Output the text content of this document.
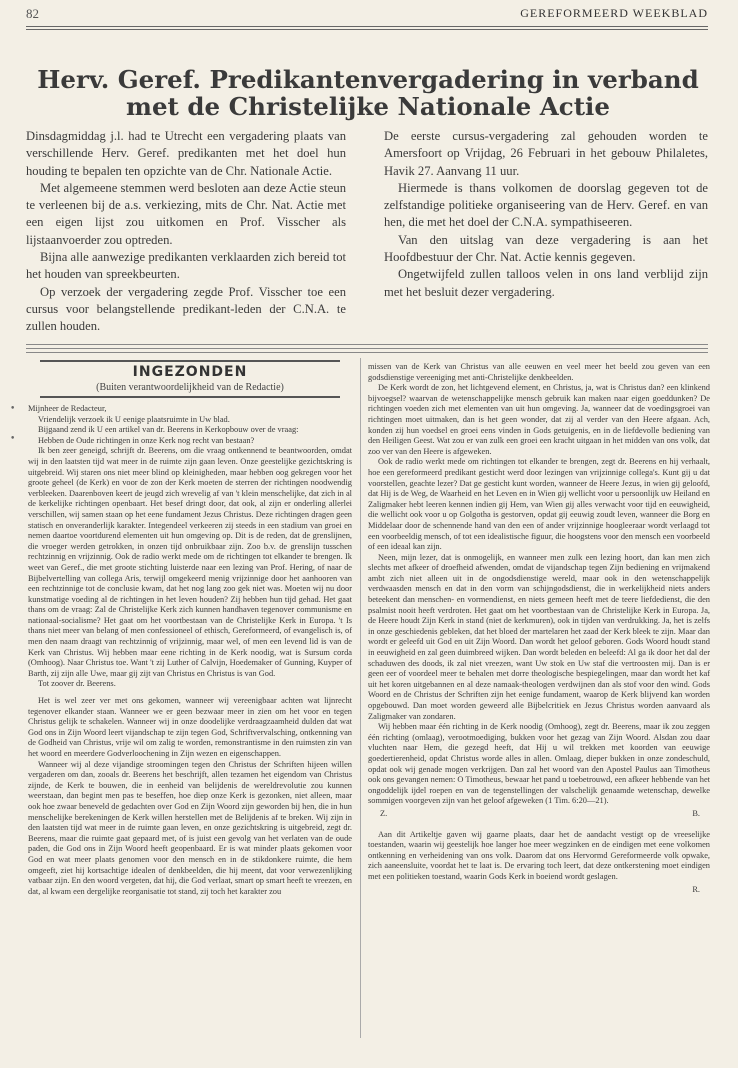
82	GEREFORMEERD WEEKBLAD
Herv. Geref. Predikantenvergadering in verband met de Christelijke Nationale Actie

Dinsdagmiddag j.l. had te Utrecht een vergadering plaats van verschillende Herv. Geref. predikanten met het doel hun houding te bepalen ten opzichte van de Chr. Nationale Actie.

Met algemeene stemmen werd besloten aan deze Actie steun te verleenen bij de a.s. verkiezing, mits de Chr. Nat. Actie met een eigen lijst zou uitkomen en Prof. Visscher als lijstaanvoerder zou optreden.

Bijna alle aanwezige predikanten verklaarden zich bereid tot het houden van spreekbeurten.

Op verzoek der vergadering zegde Prof. Visscher toe een cursus voor belangstellende predikant-leden der C.N.A. te zullen houden.

De eerste cursus-vergadering zal gehouden worden te Amersfoort op Vrijdag, 26 Februari in het gebouw Philaletes, Havik 27. Aanvang 11 uur.

Hiermede is thans volkomen de doorslag gegeven tot de zelfstandige politieke organiseering van de Herv. Geref. en van hen, die met het doel der C.N.A. sympathiseeren.

Van den uitslag van deze vergadering is aan het Hoofdbestuur der Chr. Nat. Actie kennis gegeven.

Ongetwijfeld zullen talloos velen in ons land verblijd zijn met het besluit dezer vergadering.

INGEZONDEN
(Buiten verantwoordelijkheid van de Redactie)
•
•

Mijnheer de Redacteur,

Vriendelijk verzoek ik U eenige plaatsruimte in Uw blad.

Bijgaand zend ik U een artikel van dr. Beerens in Kerkopbouw over de vraag:

Hebben de Oude richtingen in onze Kerk nog recht van bestaan?

Ik ben zeer geneigd, schrijft dr. Beerens, om die vraag ontkennend te beantwoorden, omdat wij in den laatsten tijd wat meer in de ruimte zijn gaan leven. Onze geestelijke gezichtskring is uitgebreid. Wij staren ons niet meer blind op kleinigheden, maar hebben oog gekregen voor het groote geheel (de Kerk) en voor de zon der Kerk moeten de sterren der richtingen noodwendig verbleeken. Daarenboven keert de jeugd zich wrevelig af van 't klein menschelijke, dat zich in al de kerkelijke richtingen openbaart. Het besef dringt door, dat ook, al zijn er onderling allerlei verschillen, wij samen staan op het eene fundament Jezus Christus. Deze richtingen dragen geen statisch en onveranderlijk karakter. Integendeel verkeeren zij steeds in een stadium van groei en nemen daartoe voortdurend elementen uit hun omgeving op. Dit is de reden, dat de grenslijnen, die vroeger werden getrokken, in onzen tijd onbruikbaar zijn. Zoo b.v. de grenslijn tusschen rechtzinnig en vrijzinnig. Ook de radio werkt mede om de richtingen tot elkander te brengen. Ik weet van Geref., die met groote stichting luisterde naar een lezing van Prof. Hering, of naar de Bijbelvertelling van collega Aris, terwijl omgekeerd menig vrijzinnige door het aanhooren van een rechtzinnige tot de conclusie kwam, dat het nog lang zoo gek niet was. Moeten wij nu door kunstmatige voeding al de richtingen in het leven houden? Zij hebben hun tijd gehad. Het gaat thans om de vraag: Zal de Christelijke Kerk zich kunnen handhaven tegenover communisme en nationaal-socialisme? Het gaat om het voortbestaan van de Christelijke Kerk in Europa. 't Is thans niet meer van belang of men confessioneel of ethisch, Gereformeerd, of evangelisch is, of men den naam draagt van rechtzinnig of vrijzinnig, maar wel, of men een levend lid is van de Kerk van Christus. Wij hebben maar eene richting in de Kerk noodig, wat is Sursum corda (Omhoog). Naar Christus toe. Want 't zij Luther of Calvijn, Hoedemaker of Gunning, Kuyper of Barth, zij zijn alle Uwe, maar gij zijt van Christus en Christus is van God.

Tot zoover dr. Beerens.

Het is wel zeer ver met ons gekomen, wanneer wij vereenigbaar achten wat lijnrecht tegenover elkander staan. Wanneer we er geen bezwaar meer in zien om het voor en tegen Christus gelijk te schakelen. Wanneer wij in onze doodelijke verdraagzaamheid dulden dat wat God ons in Zijn Woord leert vijandschap te zijn tegen God, Schriftvervalsching, ontkenning van de Godheid van Christus, vrije wil om zalig te worden, remonstrantisme in den ruimsten zin van het woord en meerdere Godverloochening in Zijn wezen en eigenschappen.

Wanneer wij al deze vijandige stroomingen tegen den Christus der Schriften hijeen willen vergaderen om dan, zooals dr. Beerens het beschrijft, allen tezamen het eigendom van Christus zijnde, de Kerk te bouwen, die in eenheid van belijdenis de wereldrevolutie zou kunnen weerstaan, dan begint men pas te beseffen, hoe diep onze Kerk is gezonken, niet alleen, maar ook hoe zwaar beneveld de gedachten over God en Zijn Woord zijn geworden bij hen, die in hun menschelijke berekeningen de Kerk willen herstellen met de Belijdenis af te breken. Wij zijn in den laatsten tijd wat meer in de ruimte gaan leven, en onze gezichtskring is uitgebreid, zegt dr. Beerens, maar die ruimte gaat gepaard met, of is juist een gevolg van het verlaten van de oude paden, die God ons in Zijn Woord heeft geopenbaard. Er is wat minder plaats gekomen voor God en wat meer plaats genomen voor den mensch en in de stikdonkere ruimte, die hem omgeeft, ziet hij kortsachtige idealen of denkbeelden, die hij meent, dat voor verwezenlijking vatbaar zijn. En den woord vergeten, dat hij, die God verlaat, smart op smart heeft te vreezen, en dat, al kwam een dergelijke reorganisatie tot stand, zij toch het karakter zou

missen van de Kerk van Christus van alle eeuwen en veel meer het beeld zou geven van een godsdienstige vereeniging met anti-Christelijke denkbeelden.

De Kerk wordt de zon, het lichtgevend element, en Christus, ja, wat is Christus dan? een klinkend bijvoegsel? waarvan de wetenschappelijke mensch gebruik kan maken naar eigen goeddunken? De richtingen voeden zich met elementen van uit hun omgeving. Ja, wanneer dat de voedingsgroei van richtingen moet uitmaken, dan is het geen wonder, dat zij al verder van den Heere afgaan. Ach, konden zij hun voedsel en groei eens vinden in Gods getuigenis, en in de liefdevolle bediening van den Heiligen Geest. Wat zou er van zulk een groei een kracht uitgaan in het midden van ons volk, dat zoo ver van den Heere is afgeweken.

Ook de radio werkt mede om richtingen tot elkander te brengen, zegt dr. Beerens en hij verhaalt, hoe een gereformeerd predikant gesticht werd door lezingen van vrijzinnige collega's. Kunt gij u dat voorstellen, geachte lezer? Dat ge gesticht kunt worden, wanneer de Heere Jezus, in wien gij geloofd, dat Hij is de Weg, de Waarheid en het Leven en in Wien gij wellicht voor u persoonlijk uw Heiland en Zaligmaker hebt leeren kennen indien gij Hem, van Wien gij alles verwacht voor tijd en eeuwigheid, die wellicht ook voor u op Golgotha is gestorven, opdat gij eeuwig zoudt leven, wanneer die Borg en Middelaar door de schennende hand van den een of ander vrijzinnige hoogleeraar wordt verlaagd tot een voorbeeldig mensch, of tot een idealistische figuur, die hoogstens voor den mensch een voorbeeld of een ideaal kan zijn.

Neen, mijn lezer, dat is onmogelijk, en wanneer men zulk een lezing hoort, dan kan men zich slechts met afkeer of droefheid afwenden, omdat de vijandschap tegen Zijn bediening en vrijmakend ambt zich niet alleen uit in de ongodsdienstige wereld, maar ook in den wetenschappelijk verdwaasden mensch en dat in den vorm van schijngodsdienst, die in werkelijkheid niets anders beteekent dan menschen- en vormendienst, en niets gemeen heeft met de teere liefdedienst, die den psalmist nooit heeft verdroten. Het gaat om het voortbestaan van de Christelijke Kerk in Europa. Ja, de Heere houdt Zijn Kerk in stand (niet de kerkmuren), ook in tijden van verdrukking. Ja, het is zelfs in onze geschiedenis gebleken, dat het bloed der martelaren het zaad der Kerk bleek te zijn. Maar dan wordt er geleefd uit God en uit Zijn Woord. Dan wordt het geloof geboren. Gods Woord houdt stand in eeuwigheid en zal geen duimbreed wijken. Dan wordt beleden en beleefd: Al ga ik door het dal der schaduwen des doods, ik zal niet vreezen, want Uw stok en Uw staf die vertroosten mij. Dan is er geen eer of voordeel meer te behalen met dorre theologische bespiegelingen, maar dan wordt het kaf uit het koren uitgebannen en al deze namaak-theologen verdwijnen dan als stof voor den wind. Gods Woord en de Christus der Schriften zijn het eenige fundament, waarop de Kerk blijvend kan worden opgebouwd. Dan moet worden geweerd alle Bijbelcritiek en Jezus Christus worden aanvaard als Zaligmaker van zondaren.

Wij hebben maar één richting in de Kerk noodig (Omhoog), zegt dr. Beerens, maar ik zou zeggen één richting (omlaag), verootmoediging, bukken voor het gezag van Zijn Woord. Alsdan zou daar vluchten naar Hem, die gezegd heeft, dat Hij u wil trekken met koorden van eeuwige goedertierenheid, opdat Christus worde alles in allen. Omlaag, dieper bukken in onze zondeschuld, opdat ook wij genade mogen verkrijgen. Dan zal het woord van den Apostel Paulus aan Timotheus ook ons gevangen nemen: O Timotheus, bewaar het pand u toebetrouwd, een afkeer hebbende van het ongoddelijk ijdel roepen en van de tegenstellingen der valschelijk genaamde wetenschap, dewelke sommigen voorgeven zijn van het geloof afgeweken (1 Tim. 6:20—21).

Z.	B.

Aan dit Artikeltje gaven wij gaarne plaats, daar het de aandacht vestigt op de vreeselijke toestanden, waarin wij geestelijk hoe langer hoe meer wegzinken en de eindigen met eene volkomen ontkenning en verheidening van ons volk. Daarom dat ons Hervormd Gereformeerde volk opwake, zich aaneensluite, voordat het te laat is. De ervaring toch leert, dat deze ontkerstening moet eindigen met een politieken toestand, waarin Gods Kerk in boeiend wordt geslagen.

R.
